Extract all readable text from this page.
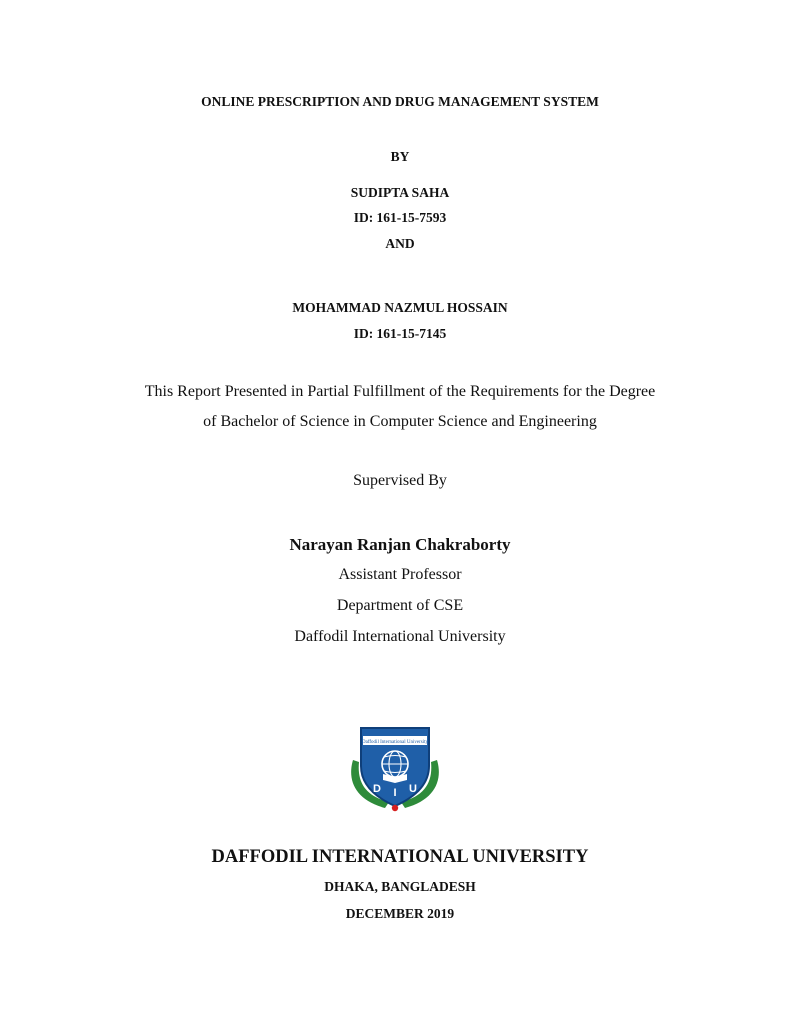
ONLINE PRESCRIPTION AND DRUG MANAGEMENT SYSTEM
BY
SUDIPTA SAHA
ID: 161-15-7593
AND
MOHAMMAD NAZMUL HOSSAIN
ID: 161-15-7145
This Report Presented in Partial Fulfillment of the Requirements for the Degree
of Bachelor of Science in Computer Science and Engineering
Supervised By
Narayan Ranjan Chakraborty
Assistant Professor
Department of CSE
Daffodil International University
Daffodil International University
D I U
DAFFODIL INTERNATIONAL UNIVERSITY
DHAKA, BANGLADESH
DECEMBER 2019
